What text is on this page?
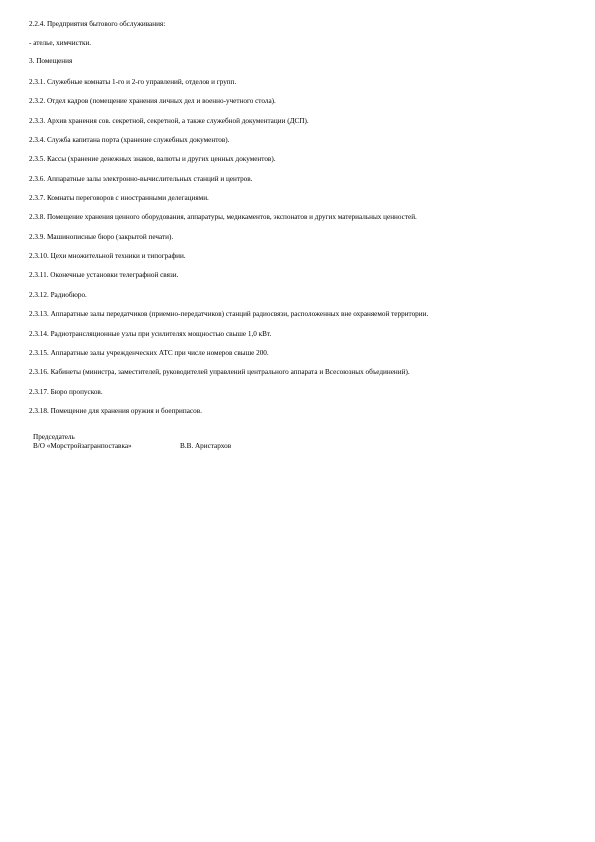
2.2.4. Предприятия бытового обслуживания:
- ателье, химчистки.
3. Помещения
2.3.1. Служебные комнаты 1-го и 2-го управлений, отделов и групп.
2.3.2. Отдел кадров (помещение хранения личных дел и военно-учетного стола).
2.3.3. Архив хранения сов. секретной, секретной, а также служебной документации (ДСП).
2.3.4. Служба капитана порта (хранение служебных документов).
2.3.5. Кассы (хранение денежных знаков, валюты и других ценных документов).
2.3.6. Аппаратные залы электронно-вычислительных станций и центров.
2.3.7. Комнаты переговоров с иностранными делегациями.
2.3.8. Помещение хранения ценного оборудования, аппаратуры, медикаментов, экспонатов и других материальных ценностей.
2.3.9. Машинописные бюро (закрытой печати).
2.3.10. Цехи множительной техники и типографии.
2.3.11. Оконечные установки телеграфной связи.
2.3.12. Радиобюро.
2.3.13. Аппаратные залы передатчиков (приемно-передатчиков) станций радиосвязи, расположенных вне охраняемой территории.
2.3.14. Радиотрансляционные узлы при усилителях мощностью свыше 1,0 кВт.
2.3.15. Аппаратные залы учрежденческих АТС при числе номеров свыше 200.
2.3.16. Кабинеты (министра, заместителей, руководителей управлений центрального аппарата и Всесоюзных объединений).
2.3.17. Бюро пропусков.
2.3.18. Помещение для хранения оружия и боеприпасов.
Председатель
В/О «Морстройзагранпоставка»	В.В. Аристархов
